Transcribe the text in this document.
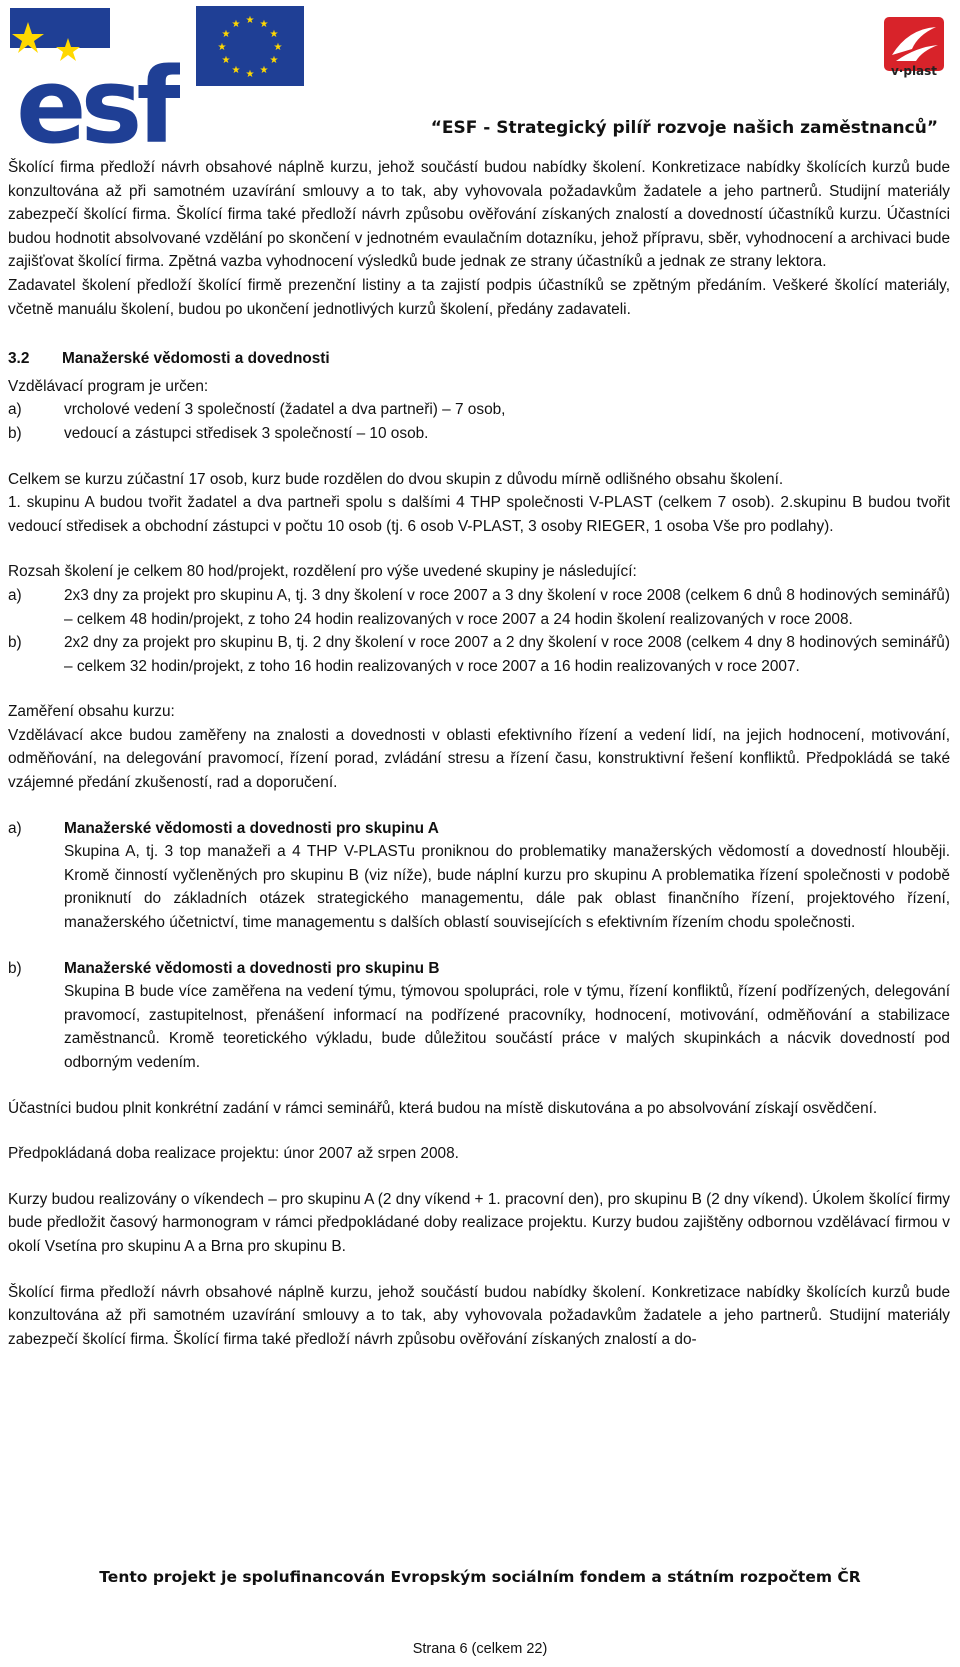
esf
★ ★
★
★
★
★
★
★
★
★
★
★
v·plast
“ESF - Strategický pilíř rozvoje našich zaměstnanců”

Školící firma předloží návrh obsahové náplně kurzu, jehož součástí budou nabídky školení. Konkretizace nabídky školících kurzů bude konzultována až při samotném uzavírání smlouvy a to tak, aby vyhovovala požadavkům žadatele a jeho partnerů. Studijní materiály zabezpečí školící firma. Školící firma také předloží návrh způsobu ověřování získaných znalostí a dovedností účastníků kurzu. Účastníci budou hodnotit absolvované vzdělání po skončení v jednotném evaulačním dotazníku, jehož přípravu, sběr, vyhodnocení a archivaci bude zajišťovat školící firma. Zpětná vazba vyhodnocení výsledků bude jednak ze strany účastníků a jednak ze strany lektora.

Zadavatel školení předloží školící firmě prezenční listiny a ta zajistí podpis účastníků se zpětným předáním. Veškeré školící materiály, včetně manuálu školení, budou po ukončení jednotlivých kurzů školení, předány zadavateli.

3.2	Manažerské vědomosti a dovednosti

Vzdělávací program je určen:

a)	vrcholové vedení 3 společností (žadatel a dva partneři) – 7 osob,
b)	vedoucí a zástupci středisek 3 společností – 10 osob.

Celkem se kurzu zúčastní 17 osob, kurz bude rozdělen do dvou skupin z důvodu mírně odlišného obsahu školení.

1. skupinu A budou tvořit žadatel a dva partneři spolu s dalšími 4 THP společnosti V-PLAST (celkem 7 osob). 2.skupinu B budou tvořit vedoucí středisek a obchodní zástupci v počtu 10 osob (tj. 6 osob V-PLAST, 3 osoby RIEGER, 1 osoba Vše pro podlahy).

Rozsah školení je celkem 80 hod/projekt, rozdělení pro výše uvedené skupiny je následující:

a)	2x3 dny za projekt pro skupinu A, tj. 3 dny školení v roce 2007 a 3 dny školení v roce 2008 (celkem 6 dnů 8 hodinových seminářů) – celkem 48 hodin/projekt, z toho 24 hodin realizovaných v roce 2007 a 24 hodin školení realizovaných v roce 2008.
b)	2x2 dny za projekt pro skupinu B, tj. 2 dny školení v roce 2007 a 2 dny školení v roce 2008 (celkem 4 dny 8 hodinových seminářů) – celkem 32 hodin/projekt, z toho 16 hodin realizovaných v roce 2007 a 16 hodin realizovaných v roce 2007.

Zaměření obsahu kurzu:

Vzdělávací akce budou zaměřeny na znalosti a dovednosti v oblasti efektivního řízení a vedení lidí, na jejich hodnocení, motivování, odměňování, na delegování pravomocí, řízení porad, zvládání stresu a řízení času, konstruktivní řešení konfliktů. Předpokládá se také vzájemné předání zkušeností, rad a doporučení.

a)	Manažerské vědomosti a dovednosti pro skupinu A
Skupina A, tj. 3 top manažeři a 4 THP V-PLASTu proniknou do problematiky manažerských vědomostí a dovedností hlouběji. Kromě činností vyčleněných pro skupinu B (viz níže), bude náplní kurzu pro skupinu A problematika řízení společnosti v podobě proniknutí do základních otázek strategického managementu, dále pak oblast finančního řízení, projektového řízení, manažerského účetnictví, time managementu s dalších oblastí souvisejících s efektivním řízením chodu společnosti.
b)	Manažerské vědomosti a dovednosti pro skupinu B
Skupina B bude více zaměřena na vedení týmu, týmovou spolupráci, role v týmu, řízení konfliktů, řízení podřízených, delegování pravomocí, zastupitelnost, přenášení informací na podřízené pracovníky, hodnocení, motivování, odměňování a stabilizace zaměstnanců. Kromě teoretického výkladu, bude důležitou součástí práce v malých skupinkách a nácvik dovedností pod odborným vedením.

Účastníci budou plnit konkrétní zadání v rámci seminářů, která budou na místě diskutována a po absolvování získají osvědčení.

Předpokládaná doba realizace projektu: únor 2007 až srpen 2008.

Kurzy budou realizovány o víkendech – pro skupinu A (2 dny víkend + 1. pracovní den), pro skupinu B (2 dny víkend). Úkolem školící firmy bude předložit časový harmonogram v rámci předpokládané doby realizace projektu. Kurzy budou zajištěny odbornou vzdělávací firmou v okolí Vsetína pro skupinu A a Brna pro skupinu B.

Školící firma předloží návrh obsahové náplně kurzu, jehož součástí budou nabídky školení. Konkretizace nabídky školících kurzů bude konzultována až při samotném uzavírání smlouvy a to tak, aby vyhovovala požadavkům žadatele a jeho partnerů. Studijní materiály zabezpečí školící firma. Školící firma také předloží návrh způsobu ověřování získaných znalostí a do-

Tento projekt je spolufinancován Evropským sociálním fondem a státním rozpočtem ČR
Strana 6 (celkem 22)
